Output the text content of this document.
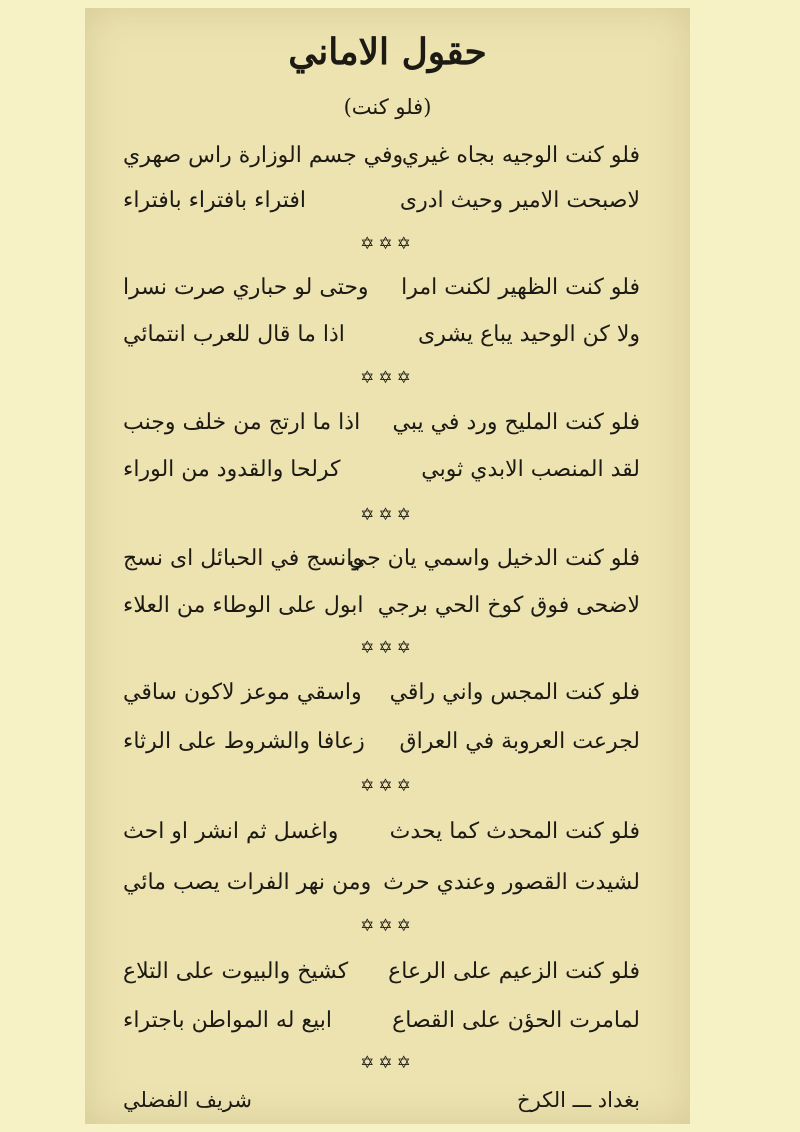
حقول الاماني
(فلو كنت)
فلو كنت الوجيه بجاه غيري
وفي جسم الوزارة راس صهري
لاصبحت الامير وحيث ادرى
افتراء بافتراء بافتراء
✡✡✡
فلو كنت الظهير لكنت امرا
وحتى لو حباري صرت نسرا
ولا كن الوحيد يباع يشرى
اذا ما قال للعرب انتمائي
✡✡✡
فلو كنت المليح ورد في يبي
اذا ما ارتج من خلف وجنب
لقد المنصب الابدي ثوبي
كرلحا والقدود من الوراء
✡✡✡
فلو كنت الدخيل واسمي يان جي
وانسج في الحبائل اى نسج
لاضحى فوق كوخ الحي برجي
ابول على الوطاء من العلاء
✡✡✡
فلو كنت المجس واني راقي
واسقي موعز لاكون ساقي
لجرعت العروبة في العراق
زعافا والشروط على الرثاء
✡✡✡
فلو كنت المحدث كما يحدث
واغسل ثم انشر او احث
لشيدت القصور وعندي حرث
ومن نهر الفرات يصب مائي
✡✡✡
فلو كنت الزعيم على الرعاع
كشيخ والبيوت على التلاع
لمامرت الحؤن على القصاع
ابيع له المواطن باجتراء
✡✡✡
بغداد ـــ الكرخ
شريف الفضلي
